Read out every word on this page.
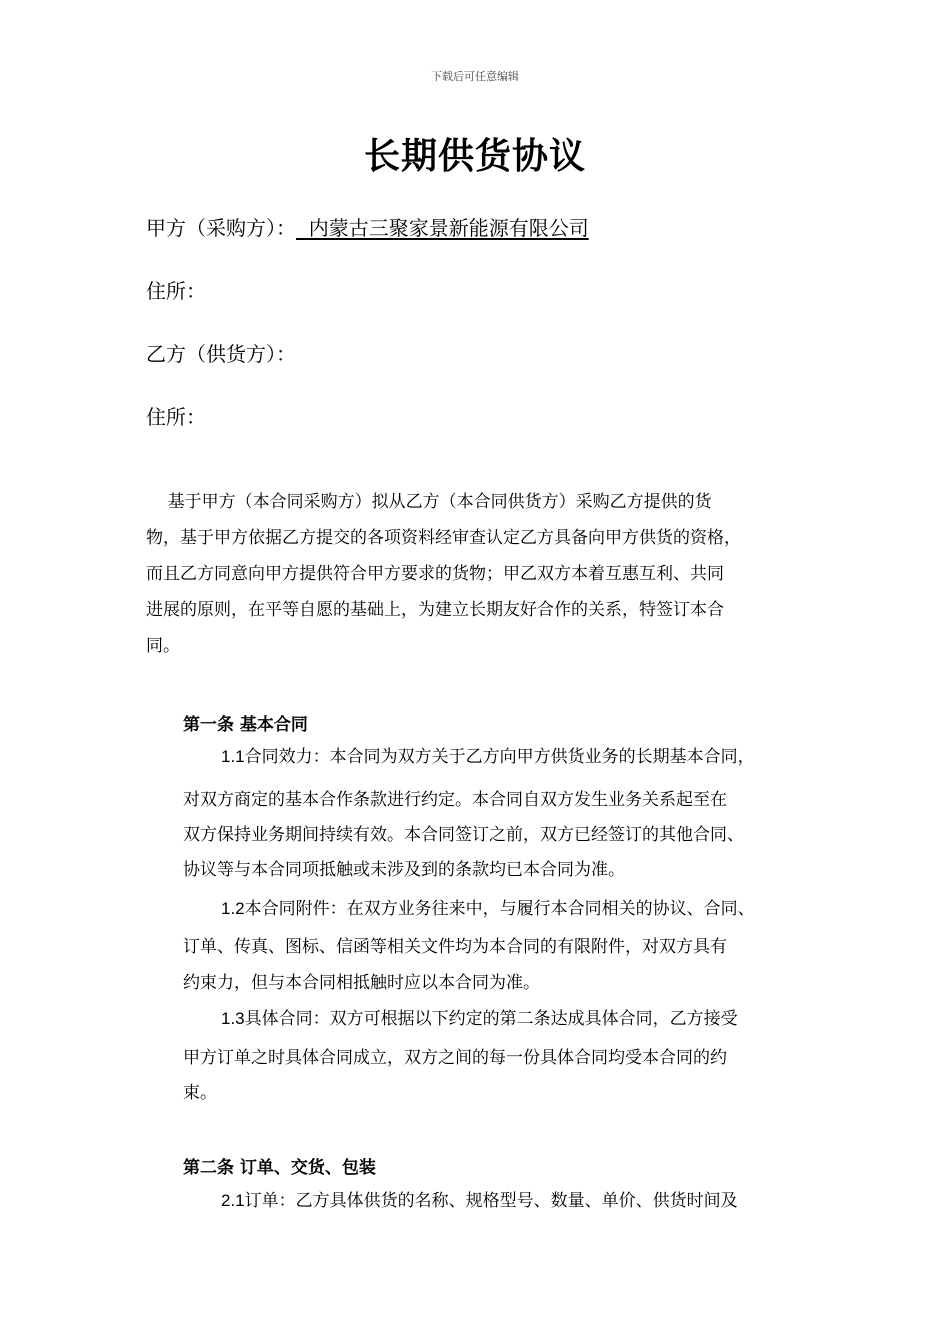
下载后可任意编辑
长期供货协议
甲方（采购方）：  内蒙古三聚家景新能源有限公司
住所：
乙方（供货方）：
住所：
基于甲方（本合同采购方）拟从乙方（本合同供货方）采购乙方提供的货
物，基于甲方依据乙方提交的各项资料经审查认定乙方具备向甲方供货的资格，
而且乙方同意向甲方提供符合甲方要求的货物；甲乙双方本着互惠互利、共同
进展的原则，在平等自愿的基础上，为建立长期友好合作的关系，特签订本合
同。
第一条 基本合同
1.1合同效力：本合同为双方关于乙方向甲方供货业务的长期基本合同，
对双方商定的基本合作条款进行约定。本合同自双方发生业务关系起至在
双方保持业务期间持续有效。本合同签订之前，双方已经签订的其他合同、
协议等与本合同项抵触或未涉及到的条款均已本合同为准。
1.2本合同附件：在双方业务往来中，与履行本合同相关的协议、合同、
订单、传真、图标、信函等相关文件均为本合同的有限附件，对双方具有
约束力，但与本合同相抵触时应以本合同为准。
1.3具体合同：双方可根据以下约定的第二条达成具体合同，乙方接受
甲方订单之时具体合同成立，双方之间的每一份具体合同均受本合同的约
束。
第二条 订单、交货、包装
2.1订单：乙方具体供货的名称、规格型号、数量、单价、供货时间及
